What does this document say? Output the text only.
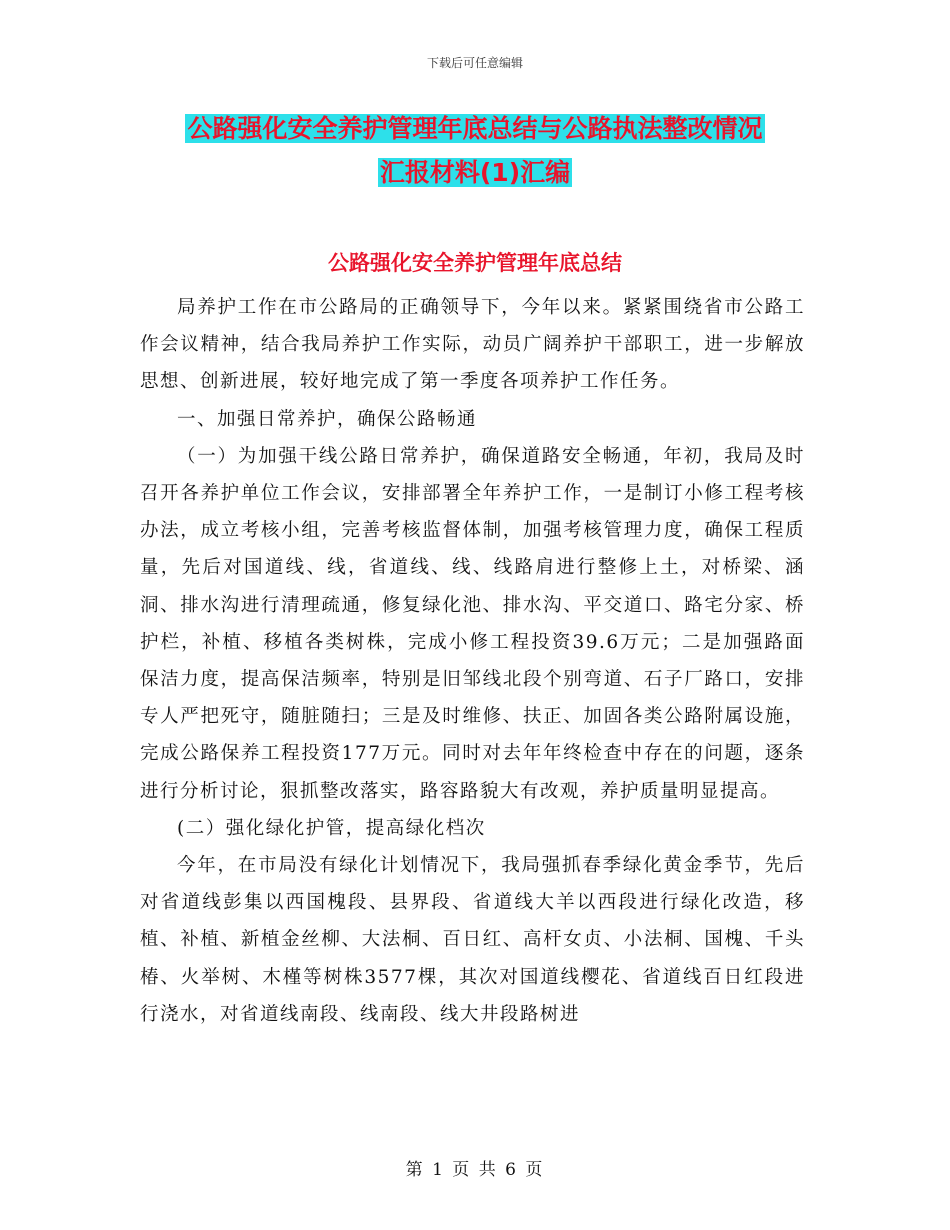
下载后可任意编辑
公路强化安全养护管理年底总结与公路执法整改情况
汇报材料(1)汇编
公路强化安全养护管理年底总结

局养护工作在市公路局的正确领导下，今年以来。紧紧围绕省市公路工作会议精神，结合我局养护工作实际，动员广阔养护干部职工，进一步解放思想、创新进展，较好地完成了第一季度各项养护工作任务。

一、加强日常养护，确保公路畅通

（一）为加强干线公路日常养护，确保道路安全畅通，年初，我局及时召开各养护单位工作会议，安排部署全年养护工作，一是制订小修工程考核办法，成立考核小组，完善考核监督体制，加强考核管理力度，确保工程质量，先后对国道线、线，省道线、线、线路肩进行整修上土，对桥梁、涵洞、排水沟进行清理疏通，修复绿化池、排水沟、平交道口、路宅分家、桥护栏，补植、移植各类树株，完成小修工程投资39.6万元；二是加强路面保洁力度，提高保洁频率，特别是旧邹线北段个别弯道、石子厂路口，安排专人严把死守，随脏随扫；三是及时维修、扶正、加固各类公路附属设施，完成公路保养工程投资177万元。同时对去年年终检查中存在的问题，逐条进行分析讨论，狠抓整改落实，路容路貌大有改观，养护质量明显提高。

(二）强化绿化护管，提高绿化档次

今年，在市局没有绿化计划情况下，我局强抓春季绿化黄金季节，先后对省道线彭集以西国槐段、县界段、省道线大羊以西段进行绿化改造，移植、补植、新植金丝柳、大法桐、百日红、高杆女贞、小法桐、国槐、千头椿、火举树、木槿等树株3577棵，其次对国道线樱花、省道线百日红段进行浇水，对省道线南段、线南段、线大井段路树进

第 1 页 共 6 页
